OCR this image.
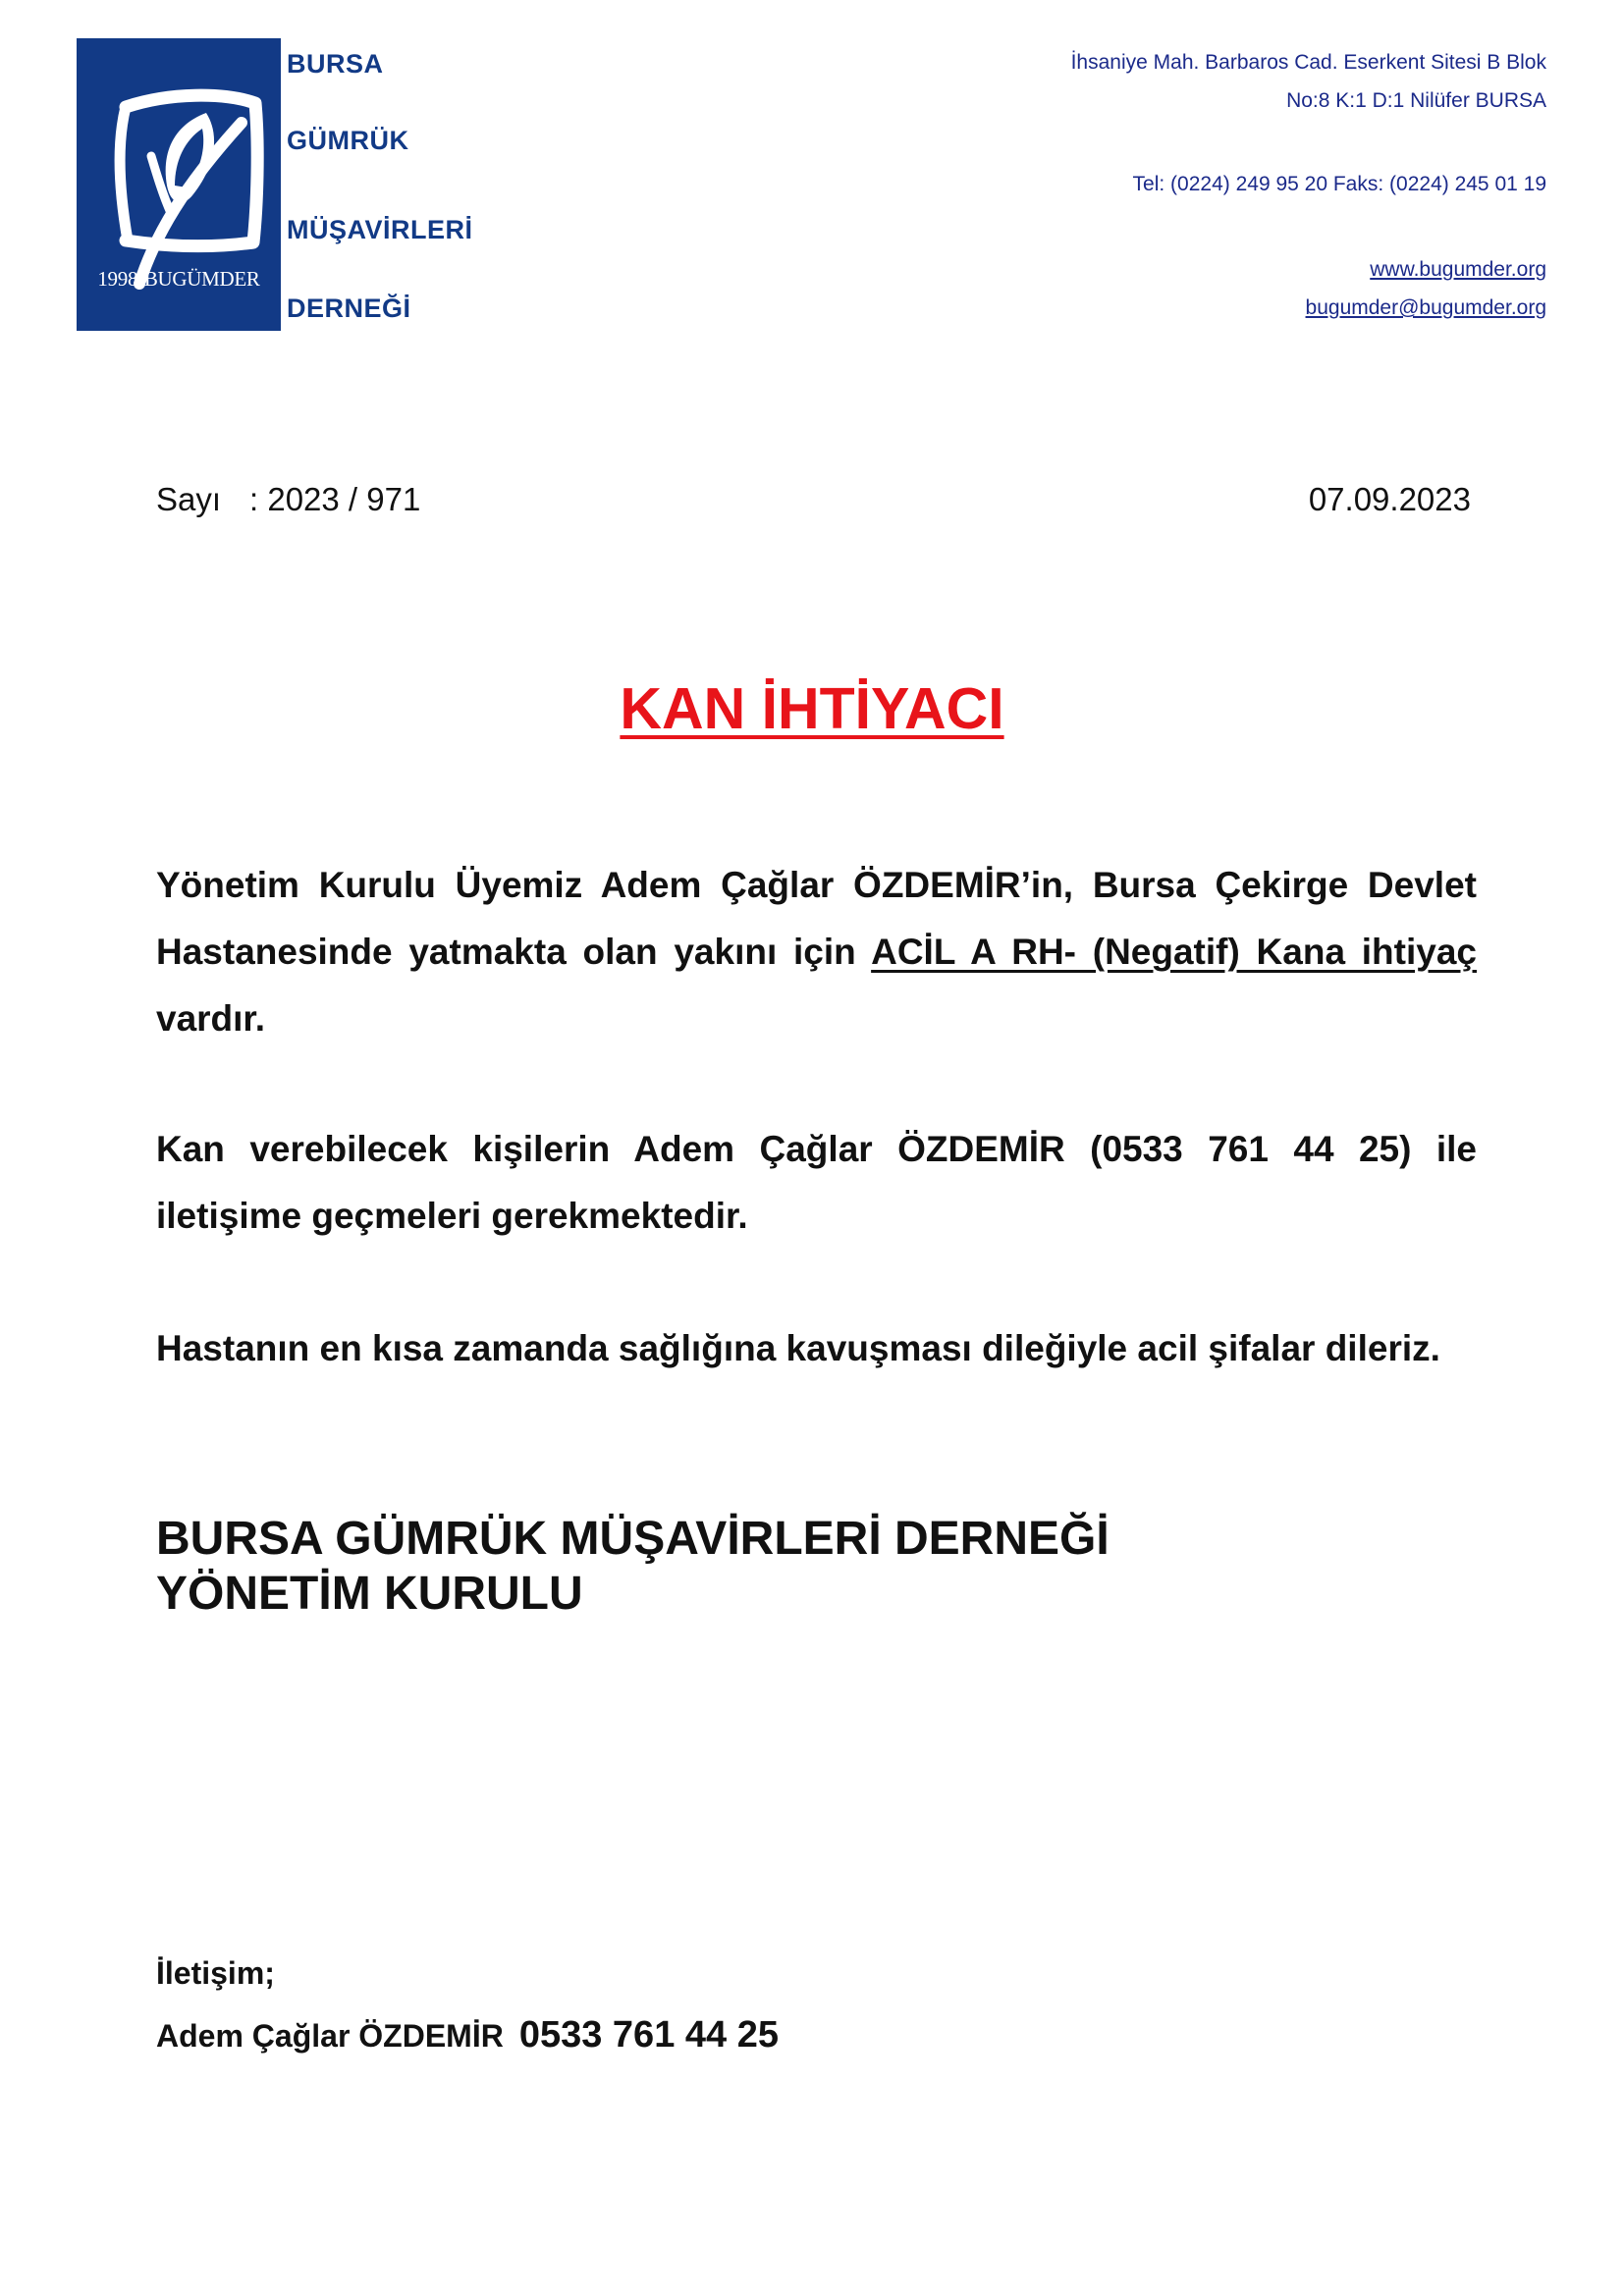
1998-BUGÜMDER
BURSA
GÜMRÜK
MÜŞAVİRLERİ
DERNEĞİ
İhsaniye Mah. Barbaros Cad. Eserkent Sitesi B Blok
No:8 K:1 D:1 Nilüfer BURSA
Tel: (0224) 249 95 20 Faks: (0224) 245 01 19
www.bugumder.org
bugumder@bugumder.org
Sayı : 2023 / 971	07.09.2023
KAN İHTİYACI
Yönetim Kurulu Üyemiz Adem Çağlar ÖZDEMİR’in, Bursa Çekirge Devlet Hastanesinde yatmakta olan yakını için ACİL A RH- (Negatif) Kana ihtiyaç vardır.
Kan verebilecek kişilerin Adem Çağlar ÖZDEMİR (0533 761 44 25) ile iletişime geçmeleri gerekmektedir.
Hastanın en kısa zamanda sağlığına kavuşması dileğiyle acil şifalar dileriz.
BURSA GÜMRÜK MÜŞAVİRLERİ DERNEĞİ
YÖNETİM KURULU
İletişim;
Adem Çağlar ÖZDEMİR 0533 761 44 25
